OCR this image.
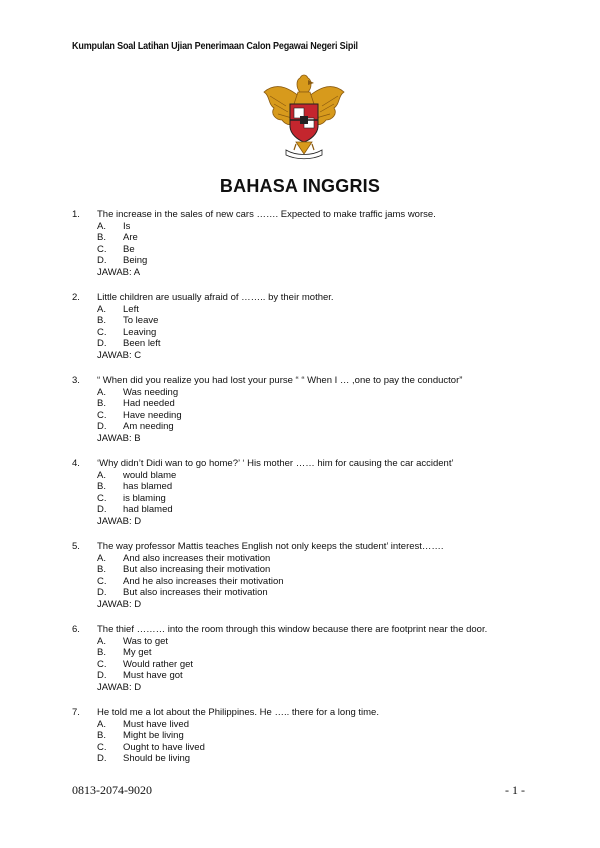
Kumpulan Soal Latihan Ujian Penerimaan Calon Pegawai Negeri Sipil
BAHASA INGGRIS
1.	The increase in the sales of new cars ……. Expected to make traffic jams worse.
A.	Is
B.	Are
C.	Be
D.	Being
JAWAB: A
2.	Little children are usually afraid of …….. by their mother.
A.	Left
B.	To leave
C.	Leaving
D.	Been left
JAWAB: C
3.	“ When did you realize you had lost your purse “ “ When I … ,one to pay the conductor”
A.	Was needing
B.	Had needed
C.	Have needing
D.	Am needing
JAWAB: B
4.	‘Why didn’t Didi wan to go home?’ ‘ His mother …… him for causing the car accident’
A.	would blame
B.	has blamed
C.	is blaming
D.	had blamed
JAWAB: D
5.	The way professor Mattis teaches English not only keeps the student’ interest…….
A.	And also increases their motivation
B.	But also increasing their motivation
C.	And he also increases their motivation
D.	But also increases their motivation
JAWAB: D
6.	The thief ……… into the room through this window because there are footprint near the door.
A.	Was to get
B.	My get
C.	Would rather get
D.	Must have got
JAWAB: D
7.	He told me a lot about the Philippines. He ….. there for a long time.
A.	Must have lived
B.	Might be living
C.	Ought to have lived
D.	Should be living
0813-2074-9020	- 1 -
